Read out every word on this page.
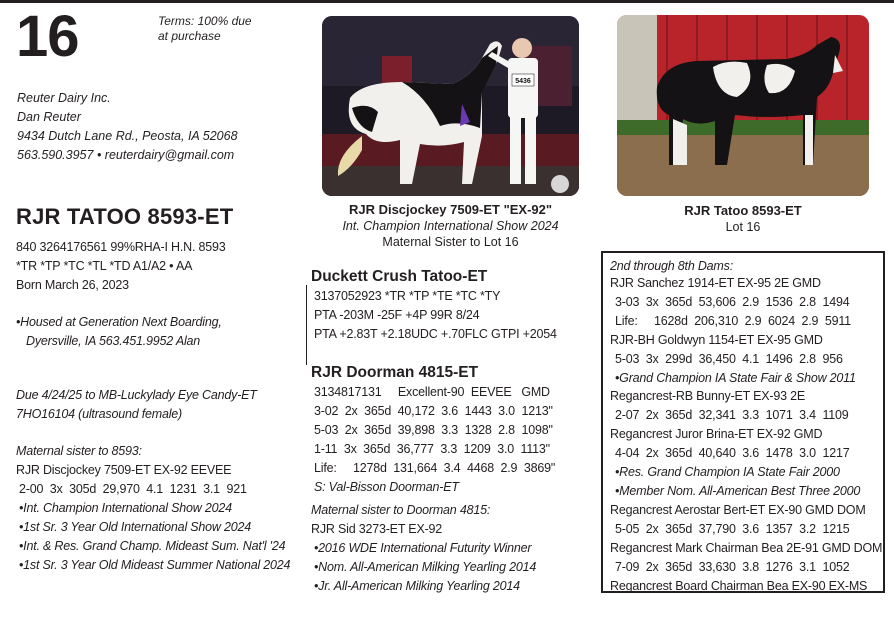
16	Terms: 100% due
at purchase
Reuter Dairy Inc.
Dan Reuter
9434 Dutch Lane Rd., Peosta, IA 52068
563.590.3957 • reuterdairy@gmail.com
RJR TATOO 8593-ET
840 3264176561 99%RHA-I H.N. 8593
*TR *TP *TC *TL *TD A1/A2 • AA
Born March 26, 2023
•Housed at Generation Next Boarding,
Dyersville, IA 563.451.9952 Alan
Due 4/24/25 to MB-Luckylady Eye Candy-ET
7HO16104 (ultrasound female)
Maternal sister to 8593:
RJR Discjockey 7509-ET EX-92 EEVEE
2-00  3x  305d  29,970  4.1  1231  3.1  921
•Int. Champion International Show 2024
•1st Sr. 3 Year Old International Show 2024
•Int. & Res. Grand Champ. Mideast Sum. Nat'l '24
•1st Sr. 3 Year Old Mideast Summer National 2024
5436
RJR Discjockey 7509-ET "EX-92"
Int. Champion International Show 2024
Maternal Sister to Lot 16
RJR Tatoo 8593-ET
Lot 16
Duckett Crush Tatoo-ET
3137052923 *TR *TP *TE *TC *TY
PTA -203M -25F +4P 99R 8/24
PTA +2.83T +2.18UDC +.70FLC GTPI +2054
RJR Doorman 4815-ET
3134817131     Excellent-90  EEVEE   GMD
3-02  2x  365d  40,172  3.6  1443  3.0  1213"
5-03  2x  365d  39,898  3.3  1328  2.8  1098"
1-11  3x  365d  36,777  3.3  1209  3.0  1113"
Life:     1278d  131,664  3.4  4468  2.9  3869"
S: Val-Bisson Doorman-ET
Maternal sister to Doorman 4815:
RJR Sid 3273-ET EX-92
•2016 WDE International Futurity Winner
•Nom. All-American Milking Yearling 2014
•Jr. All-American Milking Yearling 2014
2nd through 8th Dams:
RJR Sanchez 1914-ET EX-95 2E GMD
3-03  3x  365d  53,606  2.9  1536  2.8  1494
Life:     1628d  206,310  2.9  6024  2.9  5911
RJR-BH Goldwyn 1154-ET EX-95 GMD
5-03  3x  299d  36,450  4.1  1496  2.8  956
•Grand Champion IA State Fair & Show 2011
Regancrest-RB Bunny-ET EX-93 2E
2-07  2x  365d  32,341  3.3  1071  3.4  1109
Regancrest Juror Brina-ET EX-92 GMD
4-04  2x  365d  40,640  3.6  1478  3.0  1217
•Res. Grand Champion IA State Fair 2000
•Member Nom. All-American Best Three 2000
Regancrest Aerostar Bert-ET EX-90 GMD DOM
5-05  2x  365d  37,790  3.6  1357  3.2  1215
Regancrest Mark Chairman Bea 2E-91 GMD DOM
7-09  2x  365d  33,630  3.8  1276  3.1  1052
Regancrest Board Chairman Bea EX-90 EX-MS
